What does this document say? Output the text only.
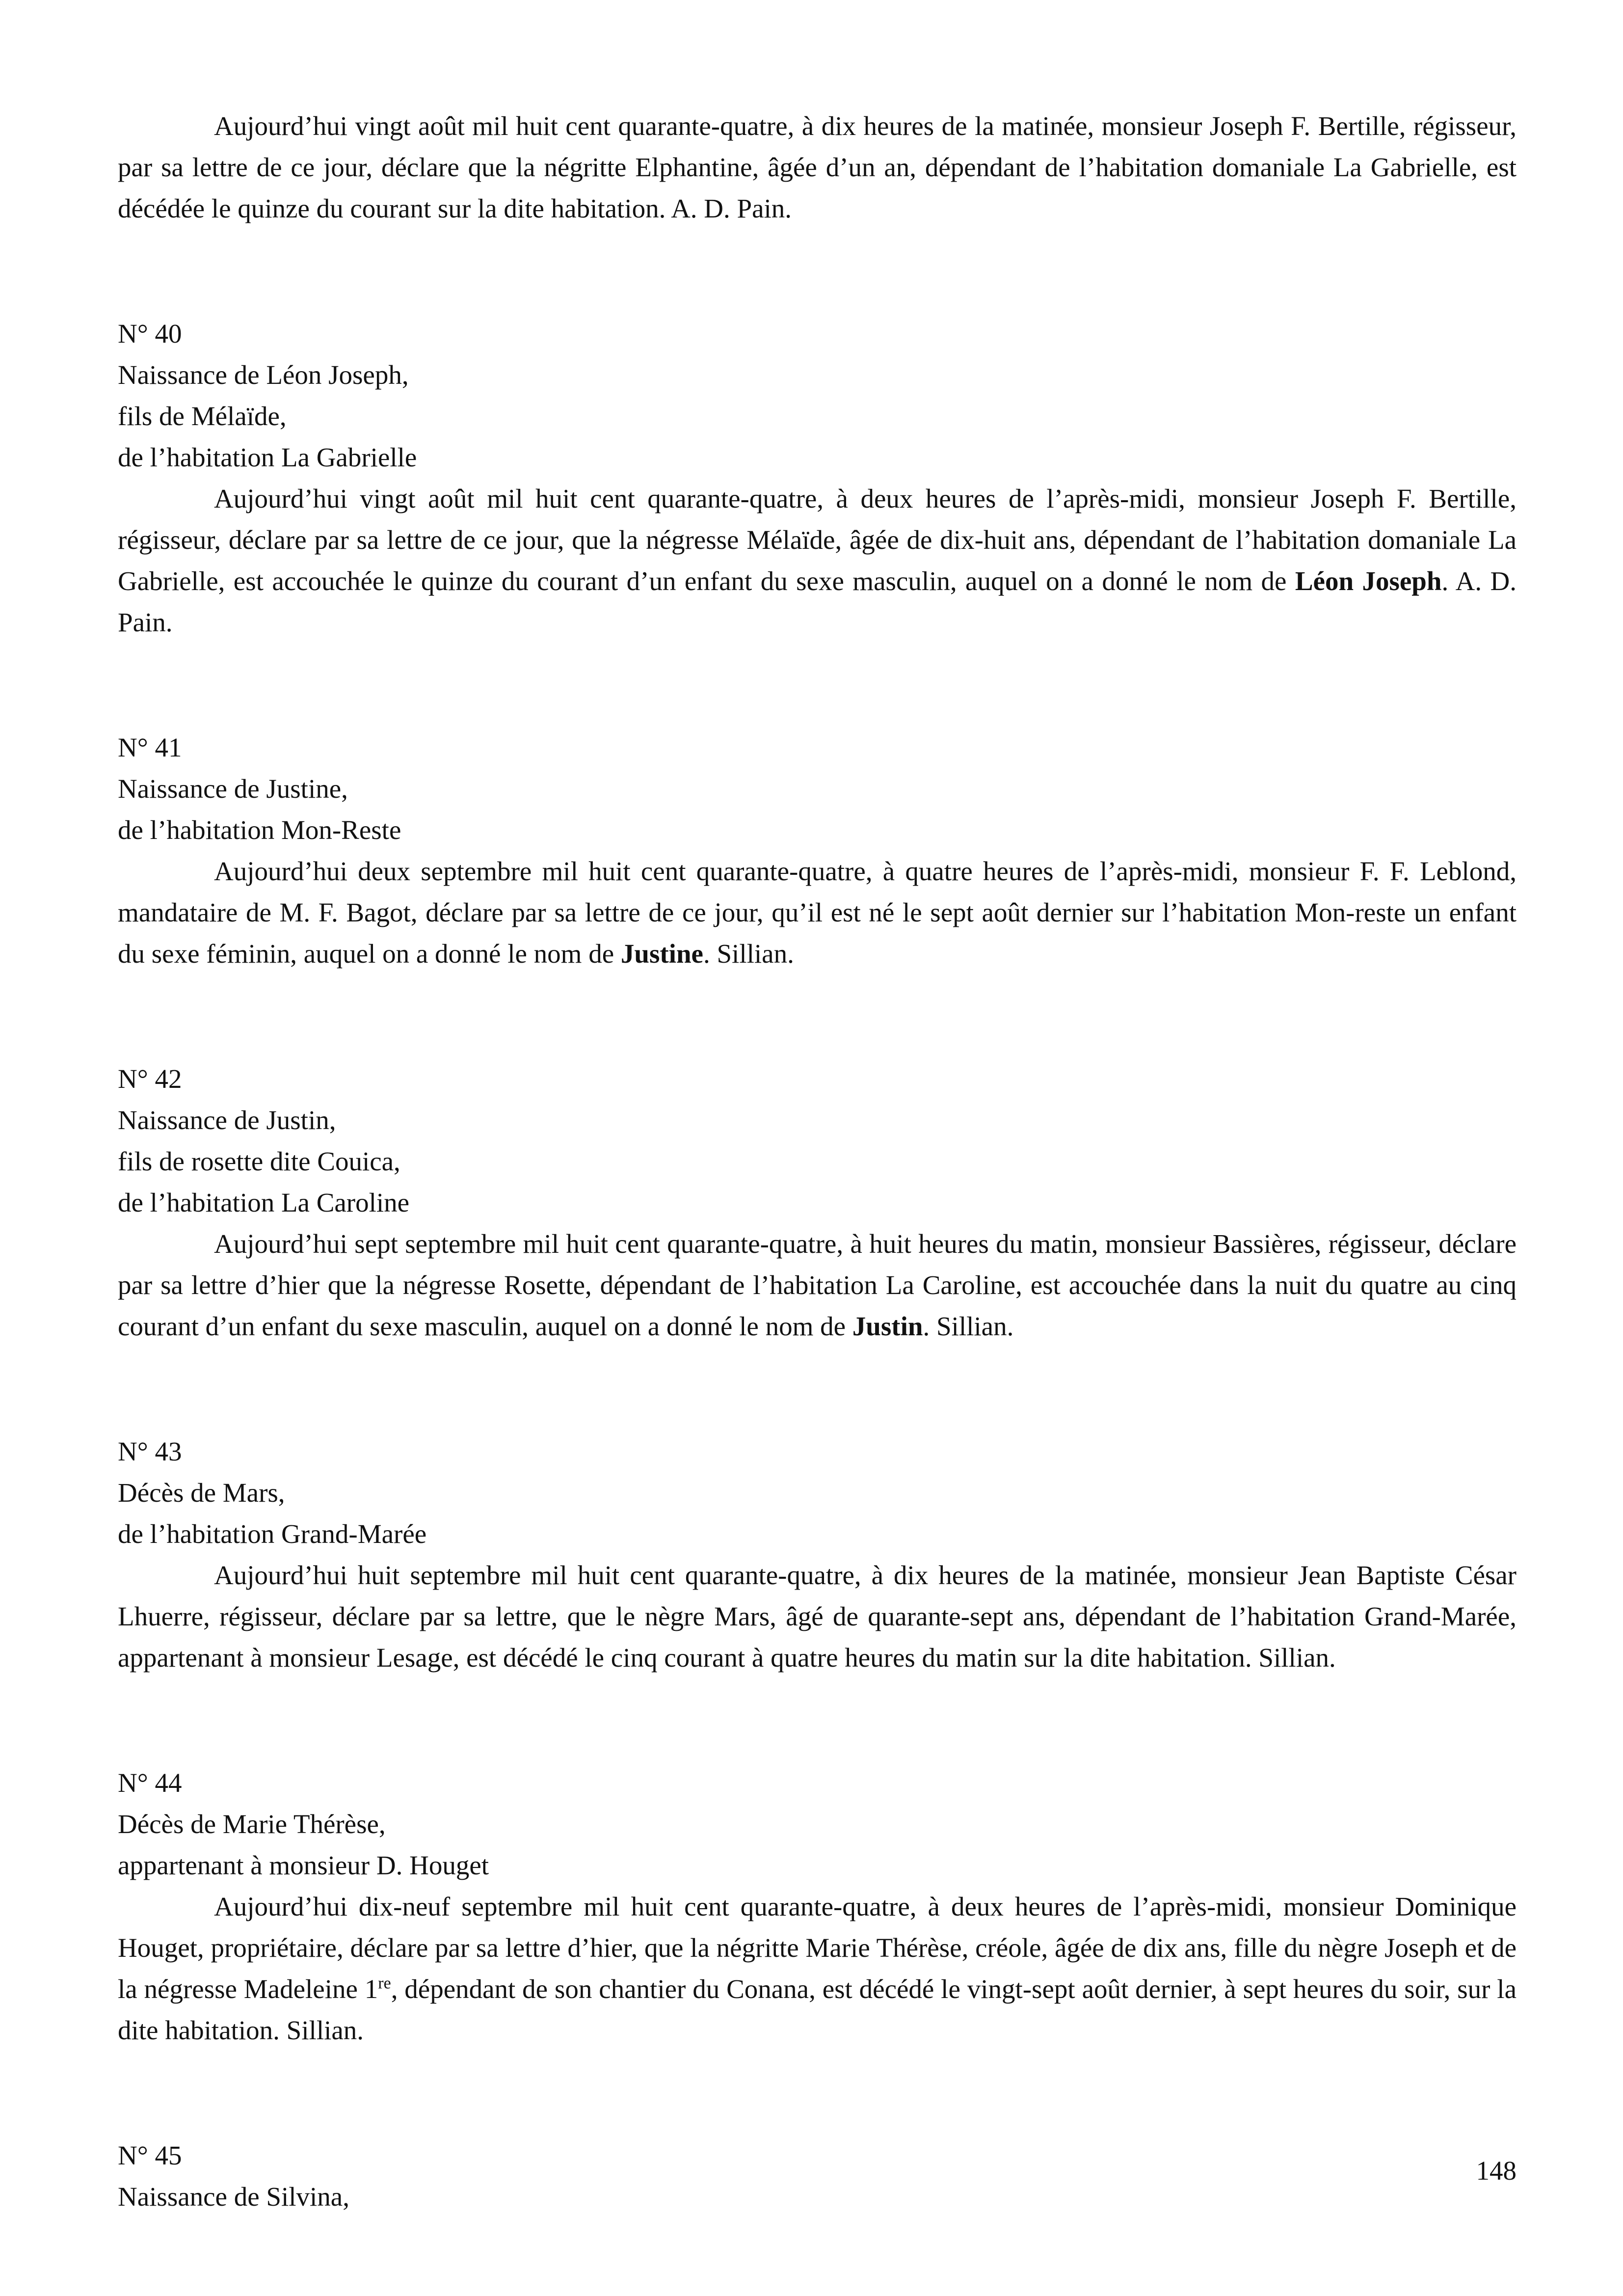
Aujourd’hui vingt août mil huit cent quarante-quatre, à dix heures de la matinée, monsieur Joseph F. Bertille, régisseur, par sa lettre de ce jour, déclare que la négritte Elphantine, âgée d’un an, dépendant de l’habitation domaniale La Gabrielle, est décédée le quinze du courant sur la dite habitation. A. D. Pain.

N° 40
Naissance de Léon Joseph,
fils de Mélaïde,
de l’habitation La Gabrielle

Aujourd’hui vingt août mil huit cent quarante-quatre, à deux heures de l’après-midi, monsieur Joseph F. Bertille, régisseur, déclare par sa lettre de ce jour, que la négresse Mélaïde, âgée de dix-huit ans, dépendant de l’habitation domaniale La Gabrielle, est accouchée le quinze du courant d’un enfant du sexe masculin, auquel on a donné le nom de Léon Joseph. A. D. Pain.

N° 41
Naissance de Justine,
de l’habitation Mon-Reste

Aujourd’hui deux septembre mil huit cent quarante-quatre, à quatre heures de l’après-midi, monsieur F. F. Leblond, mandataire de M. F. Bagot, déclare par sa lettre de ce jour, qu’il est né le sept août dernier sur l’habitation Mon-reste un enfant du sexe féminin, auquel on a donné le nom de Justine. Sillian.

N° 42
Naissance de Justin,
fils de rosette dite Couica,
de l’habitation La Caroline

Aujourd’hui sept septembre mil huit cent quarante-quatre, à huit heures du matin, monsieur Bassières, régisseur, déclare par sa lettre d’hier que la négresse Rosette, dépendant de l’habitation La Caroline, est accouchée dans la nuit du quatre au cinq courant d’un enfant du sexe masculin, auquel on a donné le nom de Justin. Sillian.

N° 43
Décès de Mars,
de l’habitation Grand-Marée

Aujourd’hui huit septembre mil huit cent quarante-quatre, à dix heures de la matinée, monsieur Jean Baptiste César Lhuerre, régisseur, déclare par sa lettre, que le nègre Mars, âgé de quarante-sept ans, dépendant de l’habitation Grand-Marée, appartenant à monsieur Lesage, est décédé le cinq courant à quatre heures du matin sur la dite habitation. Sillian.

N° 44
Décès de Marie Thérèse,
appartenant à monsieur D. Houget

Aujourd’hui dix-neuf septembre mil huit cent quarante-quatre, à deux heures de l’après-midi, monsieur Dominique Houget, propriétaire, déclare par sa lettre d’hier, que la négritte Marie Thérèse, créole, âgée de dix ans, fille du nègre Joseph et de la négresse Madeleine 1re, dépendant de son chantier du Conana, est décédé le vingt-sept août dernier, à sept heures du soir, sur la dite habitation. Sillian.

N° 45
Naissance de Silvina,
148
